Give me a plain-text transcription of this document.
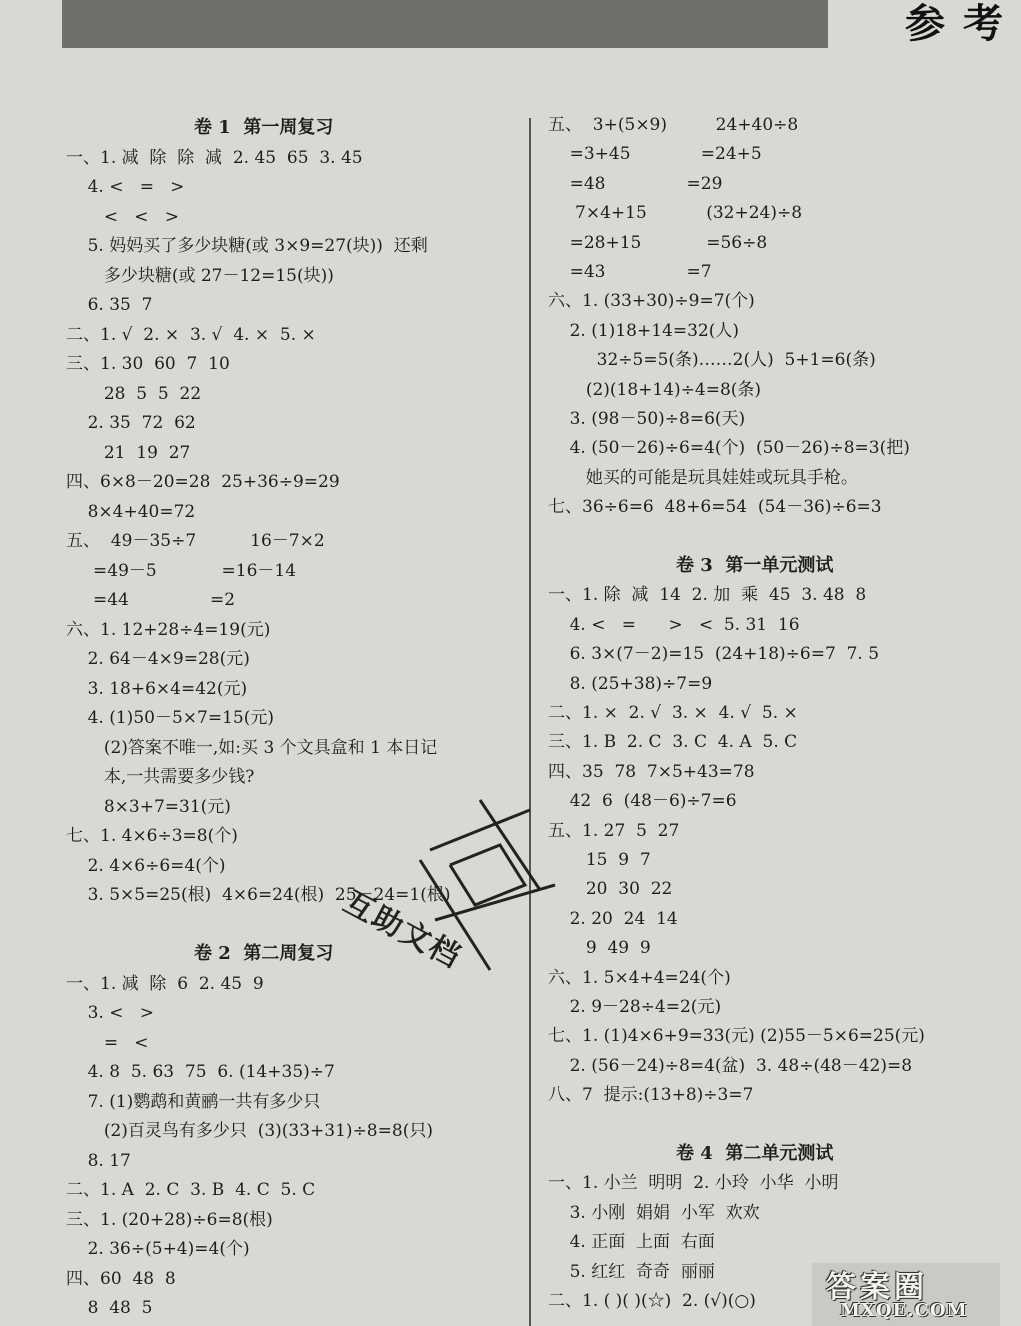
参考
卷 1  第一周复习
一、1. 减  除  除  减  2. 45  65  3. 45
4. <   =   >
<   <   >
5. 妈妈买了多少块糖(或 3×9=27(块))  还剩
多少块糖(或 27－12=15(块))
6. 35  7
二、1. √  2. ×  3. √  4. ×  5. ×
三、1. 30  60  7  10
28  5  5  22
2. 35  72  62
21  19  27
四、6×8－20=28  25+36÷9=29
8×4+40=72
五、  49－35÷7          16－7×2
=49－5            =16－14
=44               =2
六、1. 12+28÷4=19(元)
2. 64－4×9=28(元)
3. 18+6×4=42(元)
4. (1)50－5×7=15(元)
(2)答案不唯一,如:买 3 个文具盒和 1 本日记
本,一共需要多少钱?
8×3+7=31(元)
七、1. 4×6÷3=8(个)
2. 4×6÷6=4(个)
3. 5×5=25(根)  4×6=24(根)  25－24=1(根)
卷 2  第二周复习
一、1. 减  除  6  2. 45  9
3. <   >
=   <
4. 8  5. 63  75  6. (14+35)÷7
7. (1)鹦鹉和黄鹂一共有多少只
(2)百灵鸟有多少只  (3)(33+31)÷8=8(只)
8. 17
二、1. A  2. C  3. B  4. C  5. C
三、1. (20+28)÷6=8(根)
2. 36÷(5+4)=4(个)
四、60  48  8
8  48  5
五、  3+(5×9)         24+40÷8
=3+45             =24+5
=48               =29
7×4+15           (32+24)÷8
=28+15            =56÷8
=43               =7
六、1. (33+30)÷9=7(个)
2. (1)18+14=32(人)
32÷5=5(条)……2(人)  5+1=6(条)
(2)(18+14)÷4=8(条)
3. (98－50)÷8=6(天)
4. (50－26)÷6=4(个)  (50－26)÷8=3(把)
她买的可能是玩具娃娃或玩具手枪。
七、36÷6=6  48+6=54  (54－36)÷6=3
卷 3  第一单元测试
一、1. 除  减  14  2. 加  乘  45  3. 48  8
4. <   =      >   <  5. 31  16
6. 3×(7－2)=15  (24+18)÷6=7  7. 5
8. (25+38)÷7=9
二、1. ×  2. √  3. ×  4. √  5. ×
三、1. B  2. C  3. C  4. A  5. C
四、35  78  7×5+43=78
42  6  (48－6)÷7=6
五、1. 27  5  27
15  9  7
20  30  22
2. 20  24  14
9  49  9
六、1. 5×4+4=24(个)
2. 9－28÷4=2(元)
七、1. (1)4×6+9=33(元) (2)55－5×6=25(元)
2. (56－24)÷8=4(盆)  3. 48÷(48－42)=8
八、7  提示:(13+8)÷3=7
卷 4  第二单元测试
一、1. 小兰  明明  2. 小玲  小华  小明
3. 小刚  娟娟  小军  欢欢
4. 正面  上面  右面
5. 红红  奇奇  丽丽
二、1. ( )( )(☆)  2. (√)(○)
互助文档
答案圈
MXQE.COM
